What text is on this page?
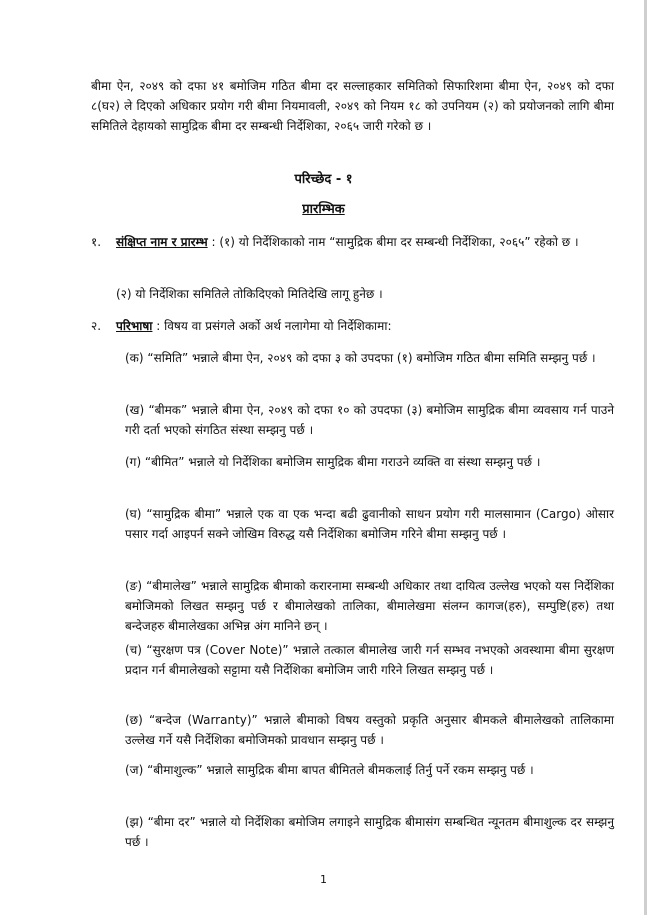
बीमा ऐन, २०४९ को दफा ४१ बमोजिम गठित बीमा दर सल्लाहकार समितिको सिफारिशमा बीमा ऐन, २०४९ को दफा ८(घ२) ले दिएको अधिकार प्रयोग गरी बीमा नियमावली, २०४९ को नियम १८ को उपनियम (२) को प्रयोजनको लागि बीमा समितिले देहायको सामुद्रिक बीमा दर सम्बन्धी निर्देशिका, २०६५ जारी गरेको छ ।
परिच्छेद - १
प्रारम्भिक
१. संक्षिप्त नाम र प्रारम्भ : (१) यो निर्देशिकाको नाम “सामुद्रिक बीमा दर सम्बन्धी निर्देशिका, २०६५” रहेको छ ।
(२) यो निर्देशिका समितिले तोकिदिएको मितिदेखि लागू हुनेछ ।
२. परिभाषा : विषय वा प्रसंगले अर्को अर्थ नलागेमा यो निर्देशिकामा:
(क) “समिति” भन्नाले बीमा ऐन, २०४९ को दफा ३ को उपदफा (१) बमोजिम गठित बीमा समिति सम्झनु पर्छ ।
(ख) “बीमक” भन्नाले बीमा ऐन, २०४९ को दफा १० को उपदफा (३) बमोजिम सामुद्रिक बीमा व्यवसाय गर्न पाउने गरी दर्ता भएको संगठित संस्था सम्झनु पर्छ ।
(ग) “बीमित” भन्नाले यो निर्देशिका बमोजिम सामुद्रिक बीमा गराउने व्यक्ति वा संस्था सम्झनु पर्छ ।
(घ) “सामुद्रिक बीमा” भन्नाले एक वा एक भन्दा बढी ढुवानीको साधन प्रयोग गरी मालसामान (Cargo) ओसार पसार गर्दा आइपर्न सक्ने जोखिम विरुद्ध यसै निर्देशिका बमोजिम गरिने बीमा सम्झनु पर्छ ।
(ङ) “बीमालेख” भन्नाले सामुद्रिक बीमाको करारनामा सम्बन्धी अधिकार तथा दायित्व उल्लेख भएको यस निर्देशिका बमोजिमको लिखत सम्झनु पर्छ र बीमालेखको तालिका, बीमालेखमा संलग्न कागज(हरु), सम्पुष्टि(हरु) तथा बन्देजहरु बीमालेखका अभिन्न अंग मानिने छन् ।
(च) “सुरक्षण पत्र (Cover Note)” भन्नाले तत्काल बीमालेख जारी गर्न सम्भव नभएको अवस्थामा बीमा सुरक्षण प्रदान गर्न बीमालेखको सट्टामा यसै निर्देशिका बमोजिम जारी गरिने लिखत सम्झनु पर्छ ।
(छ) “बन्देज (Warranty)” भन्नाले बीमाको विषय वस्तुको प्रकृति अनुसार बीमकले बीमालेखको तालिकामा उल्लेख गर्ने यसै निर्देशिका बमोजिमको प्रावधान सम्झनु पर्छ ।
(ज) “बीमाशुल्क” भन्नाले सामुद्रिक बीमा बापत बीमितले बीमकलाई तिर्नु पर्ने रकम सम्झनु पर्छ ।
(झ) “बीमा दर” भन्नाले यो निर्देशिका बमोजिम लगाइने सामुद्रिक बीमासंग सम्बन्धित न्यूनतम बीमाशुल्क दर सम्झनु पर्छ ।
1
